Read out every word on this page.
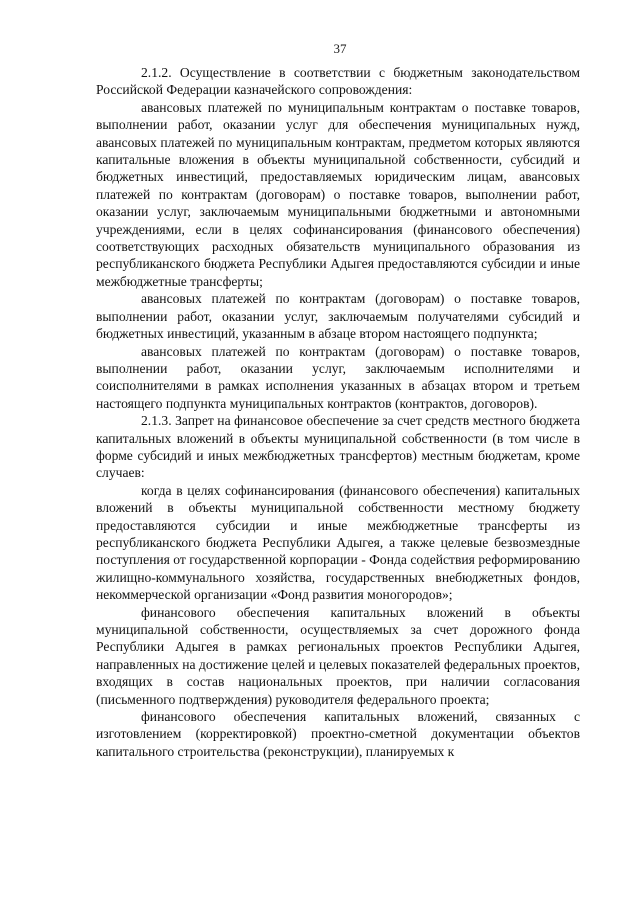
37

2.1.2. Осуществление в соответствии с бюджетным законодательством Российской Федерации казначейского сопровождения:

авансовых платежей по муниципальным контрактам о поставке товаров, выполнении работ, оказании услуг для обеспечения муниципальных нужд, авансовых платежей по муниципальным контрактам, предметом которых являются капитальные вложения в объекты муниципальной собственности, субсидий и бюджетных инвестиций, предоставляемых юридическим лицам, авансовых платежей по контрактам (договорам) о поставке товаров, выполнении работ, оказании услуг, заключаемым муниципальными бюджетными и автономными учреждениями, если в целях софинансирования (финансового обеспечения) соответствующих расходных обязательств муниципального образования из республиканского бюджета Республики Адыгея предоставляются субсидии и иные межбюджетные трансферты;

авансовых платежей по контрактам (договорам) о поставке товаров, выполнении работ, оказании услуг, заключаемым получателями субсидий и бюджетных инвестиций, указанным в абзаце втором настоящего подпункта;

авансовых платежей по контрактам (договорам) о поставке товаров, выполнении работ, оказании услуг, заключаемым исполнителями и соисполнителями в рамках исполнения указанных в абзацах втором и третьем настоящего подпункта муниципальных контрактов (контрактов, договоров).

2.1.3. Запрет на финансовое обеспечение за счет средств местного бюджета капитальных вложений в объекты муниципальной собственности (в том числе в форме субсидий и иных межбюджетных трансфертов) местным бюджетам, кроме случаев:

когда в целях софинансирования (финансового обеспечения) капитальных вложений в объекты муниципальной собственности местному бюджету предоставляются субсидии и иные межбюджетные трансферты из республиканского бюджета Республики Адыгея, а также целевые безвозмездные поступления от государственной корпорации - Фонда содействия реформированию жилищно-коммунального хозяйства, государственных внебюджетных фондов, некоммерческой организации «Фонд развития моногородов»;

финансового обеспечения капитальных вложений в объекты муниципальной собственности, осуществляемых за счет дорожного фонда Республики Адыгея в рамках региональных проектов Республики Адыгея, направленных на достижение целей и целевых показателей федеральных проектов, входящих в состав национальных проектов, при наличии согласования (письменного подтверждения) руководителя федерального проекта;

финансового обеспечения капитальных вложений, связанных с изготовлением (корректировкой) проектно-сметной документации объектов капитального строительства (реконструкции), планируемых к
